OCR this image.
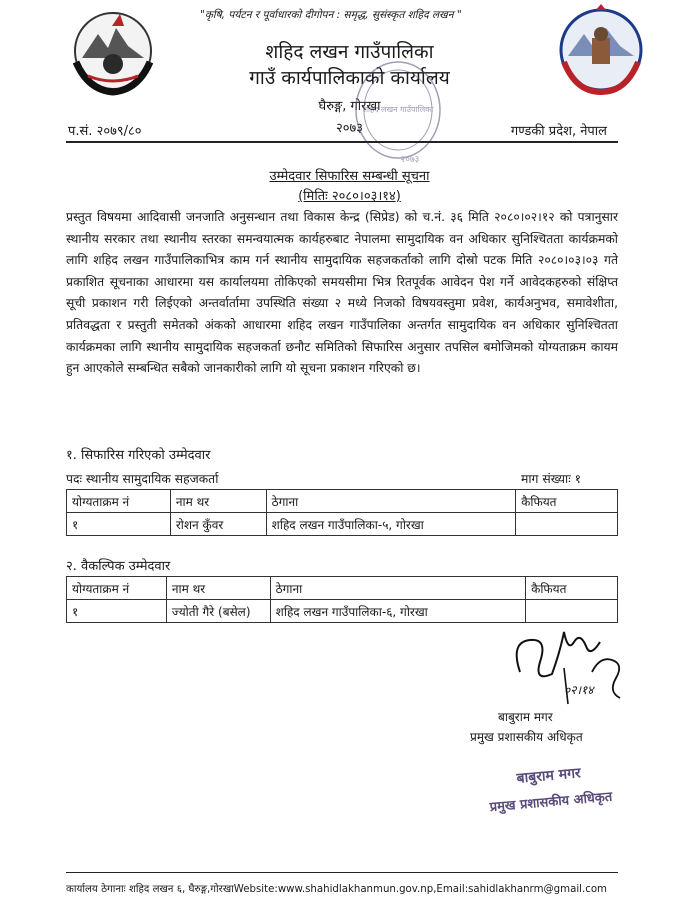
"कृषि, पर्यटन र पूर्वाधारको दीगोपन : समृद्ध, सुसंस्कृत शहिद लखन "
शहिद लखन गाउँपालिका
गाउँ कार्यपालिकाको कार्यालय
घैरुङ्ग, गोरखा
२०७३
प.सं. २०७९/८०	गण्डकी प्रदेश, नेपाल
शहिद लखन गाउँपालिका
२०७३
उम्मेदवार सिफारिस सम्बन्धी सूचना
(मितिः २०८०।०३।१४)
प्रस्तुत विषयमा आदिवासी जनजाति अनुसन्धान तथा विकास केन्द्र (सिप्रेड) को च.नं. ३६ मिति २०८०।०२।१२ को पत्रानुसार स्थानीय सरकार तथा स्थानीय स्तरका समन्वयात्मक कार्यहरुबाट नेपालमा सामुदायिक वन अधिकार सुनिश्चितता कार्यक्रमको लागि शहिद लखन गाउँपालिकाभित्र काम गर्न स्थानीय सामुदायिक सहजकर्ताको लागि दोस्रो पटक मिति २०८०।०३।०३ गते प्रकाशित सूचनाका आधारमा यस कार्यालयमा तोकिएको समयसीमा भित्र रितपूर्वक आवेदन पेश गर्ने आवेदकहरुको संक्षिप्त सूची प्रकाशन गरी लिईएको अन्तर्वार्तामा उपस्थिति संख्या २ मध्ये निजको विषयवस्तुमा प्रवेश, कार्यअनुभव, समावेशीता, प्रतिवद्धता र प्रस्तुती समेतको अंकको आधारमा शहिद लखन गाउँपालिका अन्तर्गत सामुदायिक वन अधिकार सुनिश्चितता कार्यक्रमका लागि स्थानीय सामुदायिक सहजकर्ता छनौट समितिको सिफारिस अनुसार तपसिल बमोजिमको योग्यताक्रम कायम हुन आएकोले सम्बन्धित सबैको जानकारीको लागि यो सूचना प्रकाशन गरिएको छ।
१. सिफारिस गरिएको उम्मेदवार
पदः स्थानीय सामुदायिक सहजकर्ता	माग संख्याः १
योग्यताक्रम नं	नाम थर	ठेगाना	कैफियत
१	रोशन कुँवर	शहिद लखन गाउँपालिका-५, गोरखा	
२. वैकल्पिक उम्मेदवार
योग्यताक्रम नं	नाम थर	ठेगाना	कैफियत
१	ज्योती गैरे (बसेल)	शहिद लखन गाउँपालिका-६, गोरखा	
०२।१४
बाबुराम मगर
प्रमुख प्रशासकीय अधिकृत
बाबुराम मगर
प्रमुख प्रशासकीय अधिकृत
कार्यालय ठेगानाः शहिद लखन ६, घैरुङ्ग,गोरखाWebsite:www.shahidlakhanmun.gov.np,Email:sahidlakhanrm@gmail.com
